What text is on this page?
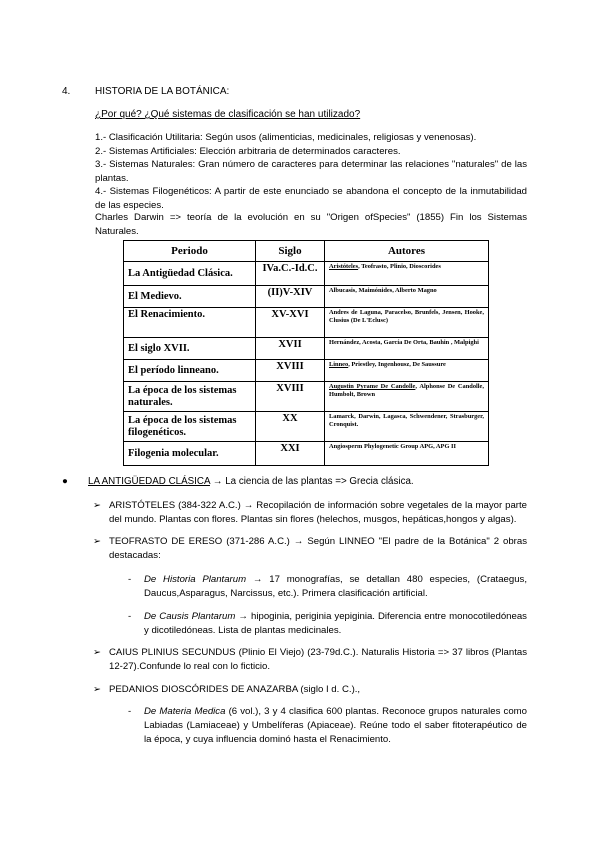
4. HISTORIA DE LA BOTÁNICA:
¿Por qué? ¿Qué sistemas de clasificación se han utilizado?
1.- Clasificación Utilitaria: Según usos (alimenticias, medicinales, religiosas y venenosas).
2.- Sistemas Artificiales: Elección arbitraria de determinados caracteres.
3.- Sistemas Naturales: Gran número de caracteres para determinar las relaciones "naturales" de las plantas.
4.- Sistemas Filogenéticos: A partir de este enunciado se abandona el concepto de la inmutabilidad de las especies.
Charles Darwin => teoría de la evolución en su "Origen ofSpecies" (1855) Fin los Sistemas Naturales.
Periodo	Siglo	Autores
La Antigüedad Clásica.	IVa.C.-Id.C.	Aristóteles, Teofrasto, Plinio, Dioscorides
El Medievo.	(II)V-XIV	Albucasis, Maimónides, Alberto Magno
El Renacimiento.	XV-XVI	Andres de Laguna, Paracelso, Brunfels, Jensen, Hooke, Clusius (De L'Eclusc)
El siglo XVII.	XVII	Hernández, Acosta, García De Orta, Bauhin , Malpighi
El período linneano.	XVIII	Linneo, Priestley, Ingenhousz, De Saussure
La época de los sistemas naturales.	XVIII	Augustin Pyrame De Candolle, Alphonse De Candolle, Humbolt, Brown
La época de los sistemas filogenéticos.	XX	Lamarck, Darwin, Lagasca, Schwendener, Strasburger, Cronquist.
Filogenia molecular.	XXI	Angiosperm Phylogenetic Group APG, APG II
● LA ANTIGÜEDAD CLÁSICA → La ciencia de las plantas => Grecia clásica.
➢ ARISTÓTELES (384-322 A.C.) → Recopilación de información sobre vegetales de la mayor parte del mundo. Plantas con flores. Plantas sin flores (helechos, musgos, hepáticas,hongos y algas).
➢ TEOFRASTO DE ERESO (371-286 A.C.) → Según LINNEO "El padre de la Botánica" 2 obras destacadas:
- De Historia Plantarum → 17 monografías, se detallan 480 especies, (Crataegus, Daucus,Asparagus, Narcissus, etc.). Primera clasificación artificial.
- De Causis Plantarum → hipoginia, periginia yepiginia. Diferencia entre monocotiledóneas y dicotiledóneas. Lista de plantas medicinales.
➢ CAIUS PLINIUS SECUNDUS (Plinio El Viejo) (23-79d.C.). Naturalis Historia => 37 libros (Plantas 12-27).Confunde lo real con lo ficticio.
➢ PEDANIOS DIOSCÓRIDES DE ANAZARBA (siglo I d. C.).,
- De Materia Medica (6 vol.), 3 y 4 clasifica 600 plantas. Reconoce grupos naturales como Labiadas (Lamiaceae) y Umbelíferas (Apiaceae). Reúne todo el saber fitoterapéutico de la época, y cuya influencia dominó hasta el Renacimiento.
